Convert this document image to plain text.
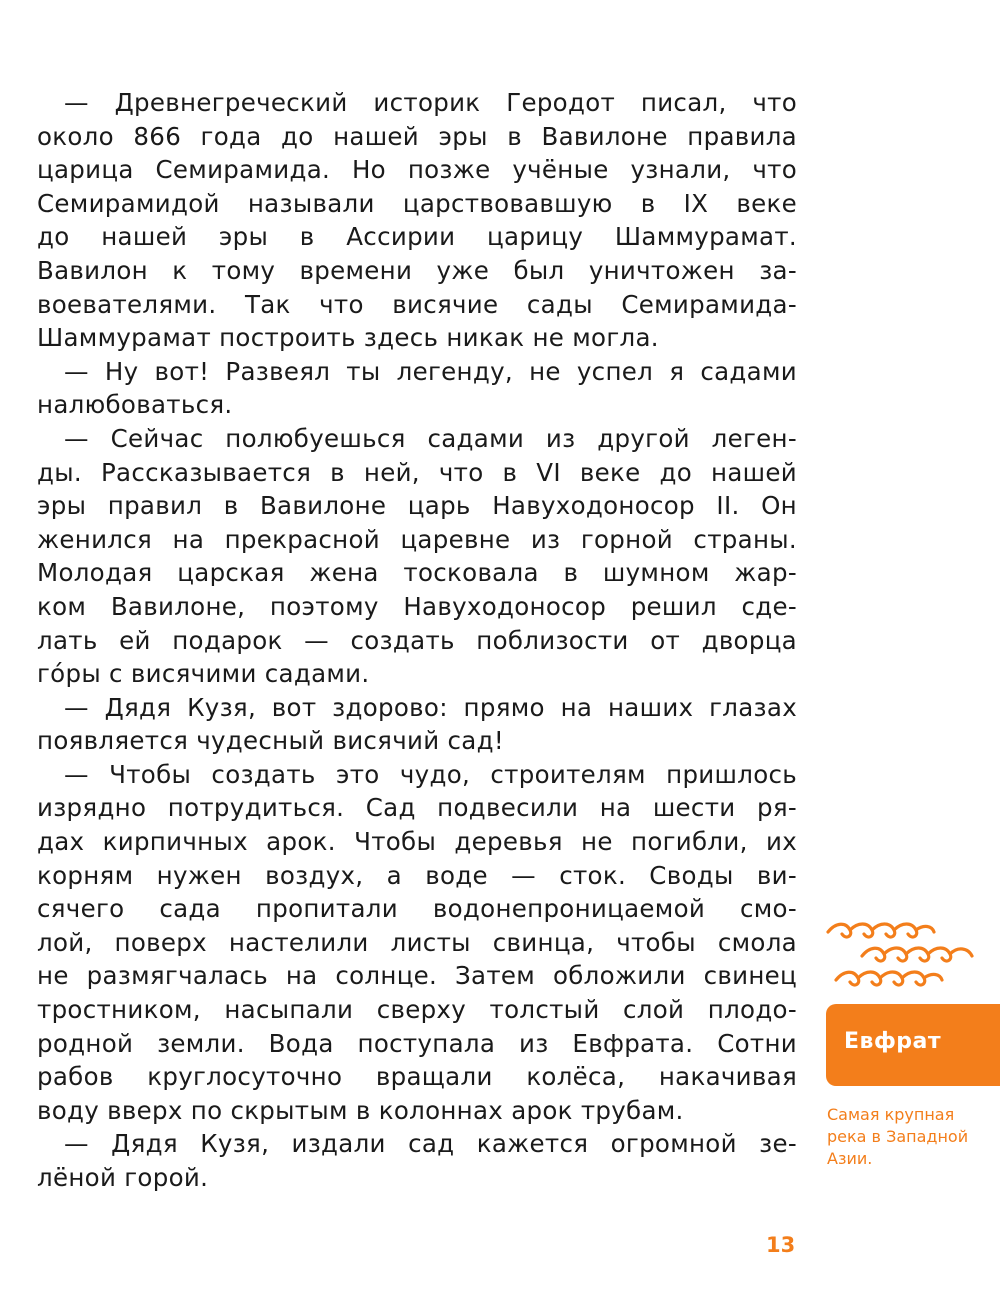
— Древнегреческий историк Геродот писал, что
около 866 года до нашей эры в Вавилоне правила
царица Семирамида. Но позже учёные узнали, что
Семирамидой называли царствовавшую в IX веке
до нашей эры в Ассирии царицу Шаммурамат.
Вавилон к тому времени уже был уничтожен за-
воевателями. Так что висячие сады Семирамида-
Шаммурамат построить здесь никак не могла.

— Ну вот! Развеял ты легенду, не успел я садами
налюбоваться.

— Сейчас полюбуешься садами из другой леген-
ды. Рассказывается в ней, что в VI веке до нашей
эры правил в Вавилоне царь Навуходоносор II. Он
женился на прекрасной царевне из горной страны.
Молодая царская жена тосковала в шумном жар-
ком Вавилоне, поэтому Навуходоносор решил сде-
лать ей подарок — создать поблизости от дворца
го́ры с висячими садами.

— Дядя Кузя, вот здорово: прямо на наших глазах
появляется чудесный висячий сад!

— Чтобы создать это чудо, строителям пришлось
изрядно потрудиться. Сад подвесили на шести ря-
дах кирпичных арок. Чтобы деревья не погибли, их
корням нужен воздух, а воде — сток. Своды ви-
сячего сада пропитали водонепроницаемой смо-
лой, поверх настелили листы свинца, чтобы смола
не размягчалась на солнце. Затем обложили свинец
тростником, насыпали сверху толстый слой плодо-
родной земли. Вода поступала из Евфрата. Сотни
рабов круглосуточно вращали колёса, накачивая
воду вверх по скрытым в колоннах арок трубам.

— Дядя Кузя, издали сад кажется огромной зе-
лёной горой.

Евфрат
Самая крупная
река в Западной
Азии.
13
